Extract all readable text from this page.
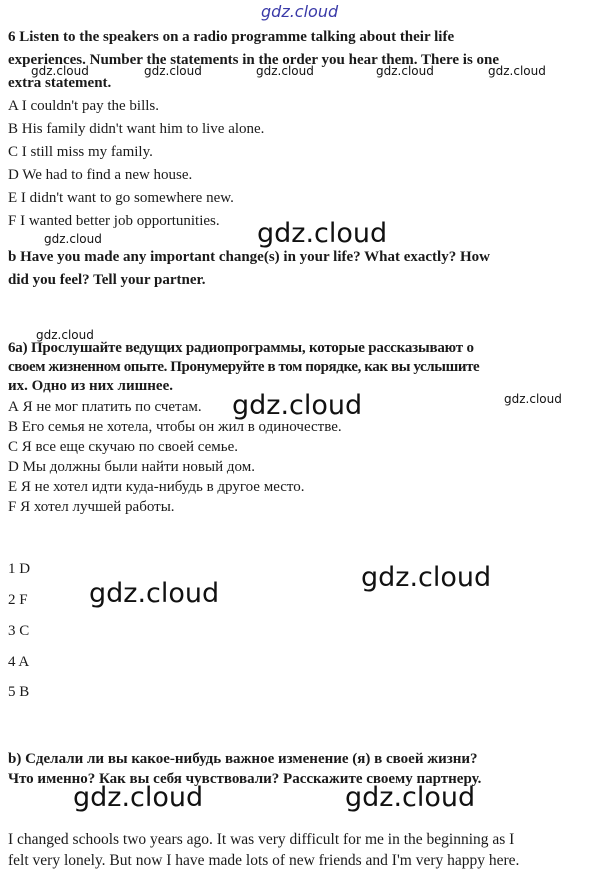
gdz.cloud
gdz.cloud	gdz.cloud	gdz.cloud	gdz.cloud	gdz.cloud
gdz.cloud	gdz.cloud
gdz.cloud
gdz.cloud	gdz.cloud
gdz.cloud
gdz.cloud
gdz.cloud	gdz.cloud
6 Listen to the speakers on a radio programme talking about their life
experiences. Number the statements in the order you hear them. There is one
extra statement.
A I couldn't pay the bills.
B His family didn't want him to live alone.
C I still miss my family.
D We had to find a new house.
E I didn't want to go somewhere new.
F I wanted better job opportunities.
b Have you made any important change(s) in your life? What exactly? How
did you feel? Tell your partner.
6а) Прослушайте ведущих радиопрограммы, которые рассказывают о
своем жизненном опыте. Пронумеруйте в том порядке, как вы услышите
их. Одно из них лишнее.
А Я не мог платить по счетам.
В Его семья не хотела, чтобы он жил в одиночестве.
С Я все еще скучаю по своей семье.
D Мы должны были найти новый дом.
Е Я не хотел идти куда-нибудь в другое место.
F Я хотел лучшей работы.
1 D
2 F
3 C
4 A
5 B
b) Сделали ли вы какое-нибудь важное изменение (я) в своей жизни?
Что именно? Как вы себя чувствовали? Расскажите своему партнеру.
I changed schools two years ago. It was very difficult for me in the beginning as I
felt very lonely. But now I have made lots of new friends and I'm very happy here.
